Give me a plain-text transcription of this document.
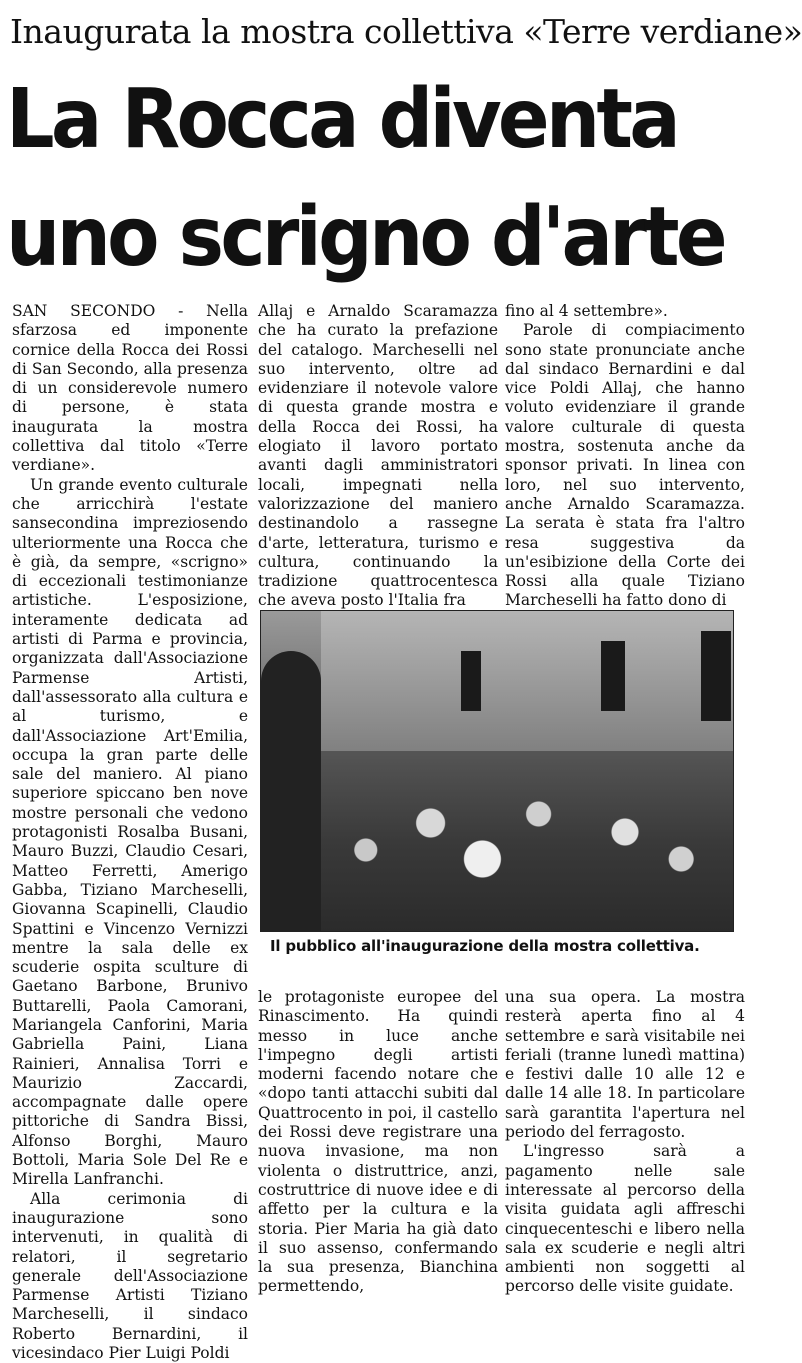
Inaugurata la mostra collettiva «Terre verdiane»
La Rocca diventa
uno scrigno d'arte

SAN SECONDO - Nella sfarzosa ed imponente cornice della Rocca dei Rossi di San Secondo, alla presenza di un considerevole numero di persone, è stata inaugurata la mostra collettiva dal titolo «Terre verdiane».

Un grande evento culturale che arricchirà l'estate sansecondina impreziosendo ulteriormente una Rocca che è già, da sempre, «scrigno» di eccezionali testimonianze artistiche. L'esposizione, interamente dedicata ad artisti di Parma e provincia, organizzata dall'Associazione Parmense Artisti, dall'assessorato alla cultura e al turismo, e dall'Associazione Art'Emilia, occupa la gran parte delle sale del maniero. Al piano superiore spiccano ben nove mostre personali che vedono protagonisti Rosalba Busani, Mauro Buzzi, Claudio Cesari, Matteo Ferretti, Amerigo Gabba, Tiziano Marcheselli, Giovanna Scapinelli, Claudio Spattini e Vincenzo Vernizzi mentre la sala delle ex scuderie ospita sculture di Gaetano Barbone, Brunivo Buttarelli, Paola Camorani, Mariangela Canforini, Maria Gabriella Paini, Liana Rainieri, Annalisa Torri e Maurizio Zaccardi, accompagnate dalle opere pittoriche di Sandra Bissi, Alfonso Borghi, Mauro Bottoli, Maria Sole Del Re e Mirella Lanfranchi.

Alla cerimonia di inaugurazione sono intervenuti, in qualità di relatori, il segretario generale dell'Associazione Parmense Artisti Tiziano Marcheselli, il sindaco Roberto Bernardini, il vicesindaco Pier Luigi Poldi

Allaj e Arnaldo Scaramazza che ha curato la prefazione del catalogo. Marcheselli nel suo intervento, oltre ad evidenziare il notevole valore di questa grande mostra e della Rocca dei Rossi, ha elogiato il lavoro portato avanti dagli amministratori locali, impegnati nella valorizzazione del maniero destinandolo a rassegne d'arte, letteratura, turismo e cultura, continuando la tradizione quattrocentesca che aveva posto l'Italia fra

fino al 4 settembre».

Parole di compiacimento sono state pronunciate anche dal sindaco Bernardini e dal vice Poldi Allaj, che hanno voluto evidenziare il grande valore culturale di questa mostra, sostenuta anche da sponsor privati. In linea con loro, nel suo intervento, anche Arnaldo Scaramazza. La serata è stata fra l'altro resa suggestiva da un'esibizione della Corte dei Rossi alla quale Tiziano Marcheselli ha fatto dono di

Il pubblico all'inaugurazione della mostra collettiva.

le protagoniste europee del Rinascimento. Ha quindi messo in luce anche l'impegno degli artisti moderni facendo notare che «dopo tanti attacchi subiti dal Quattrocento in poi, il castello dei Rossi deve registrare una nuova invasione, ma non violenta o distruttrice, anzi, costruttrice di nuove idee e di affetto per la cultura e la storia. Pier Maria ha già dato il suo assenso, confermando la sua presenza, Bianchina permettendo,

una sua opera. La mostra resterà aperta fino al 4 settembre e sarà visitabile nei feriali (tranne lunedì mattina) e festivi dalle 10 alle 12 e dalle 14 alle 18. In particolare sarà garantita l'apertura nel periodo del ferragosto.

L'ingresso sarà a pagamento nelle sale interessate al percorso della visita guidata agli affreschi cinquecenteschi e libero nella sala ex scuderie e negli altri ambienti non soggetti al percorso delle visite guidate.
